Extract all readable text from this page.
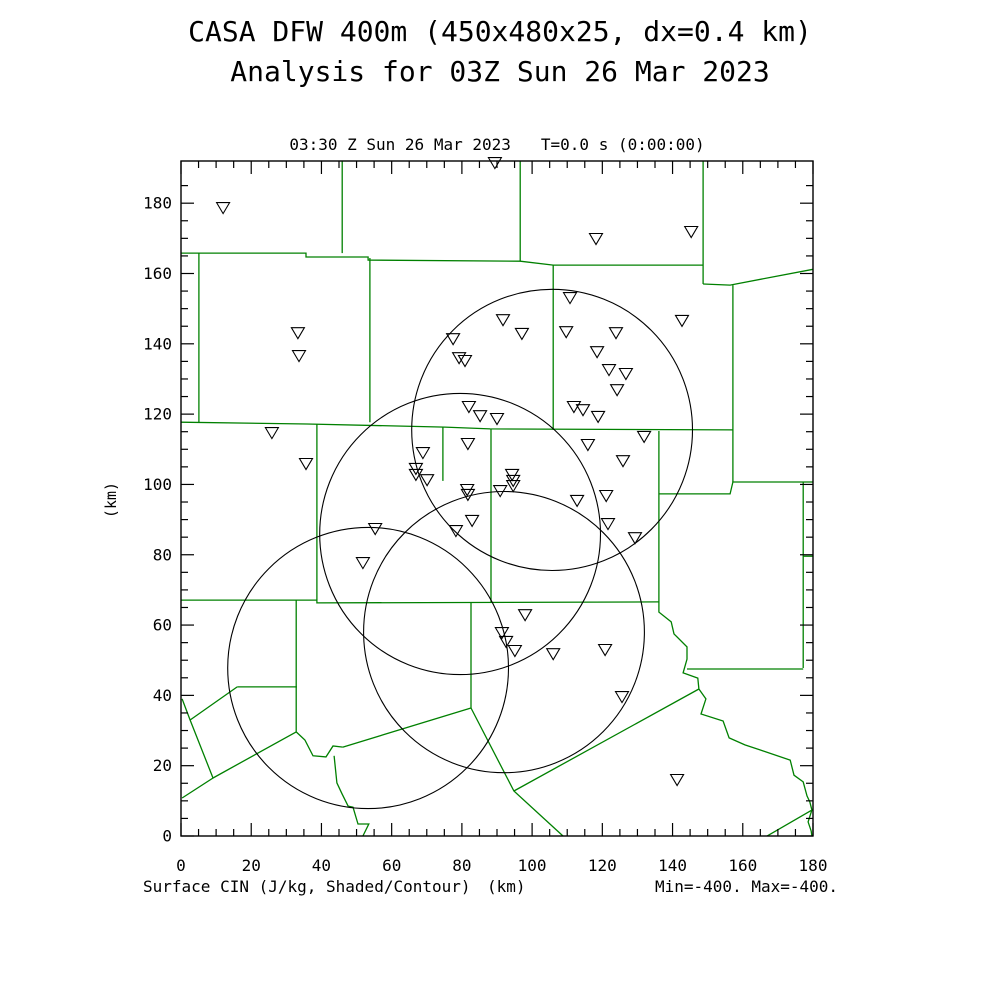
CASA DFW 400m (450x480x25, dx=0.4 km)
Analysis for 03Z Sun 26 Mar 2023
03:30 Z Sun 26 Mar 2023 T=0.0 s (0:00:00)
0	20	40	60	80	100	120	140	160	180
0
20
40
60
80
100
120
140
160
180
(km)
Surface CIN (J/kg, Shaded/Contour) (km)	Min=-400. Max=-400.
